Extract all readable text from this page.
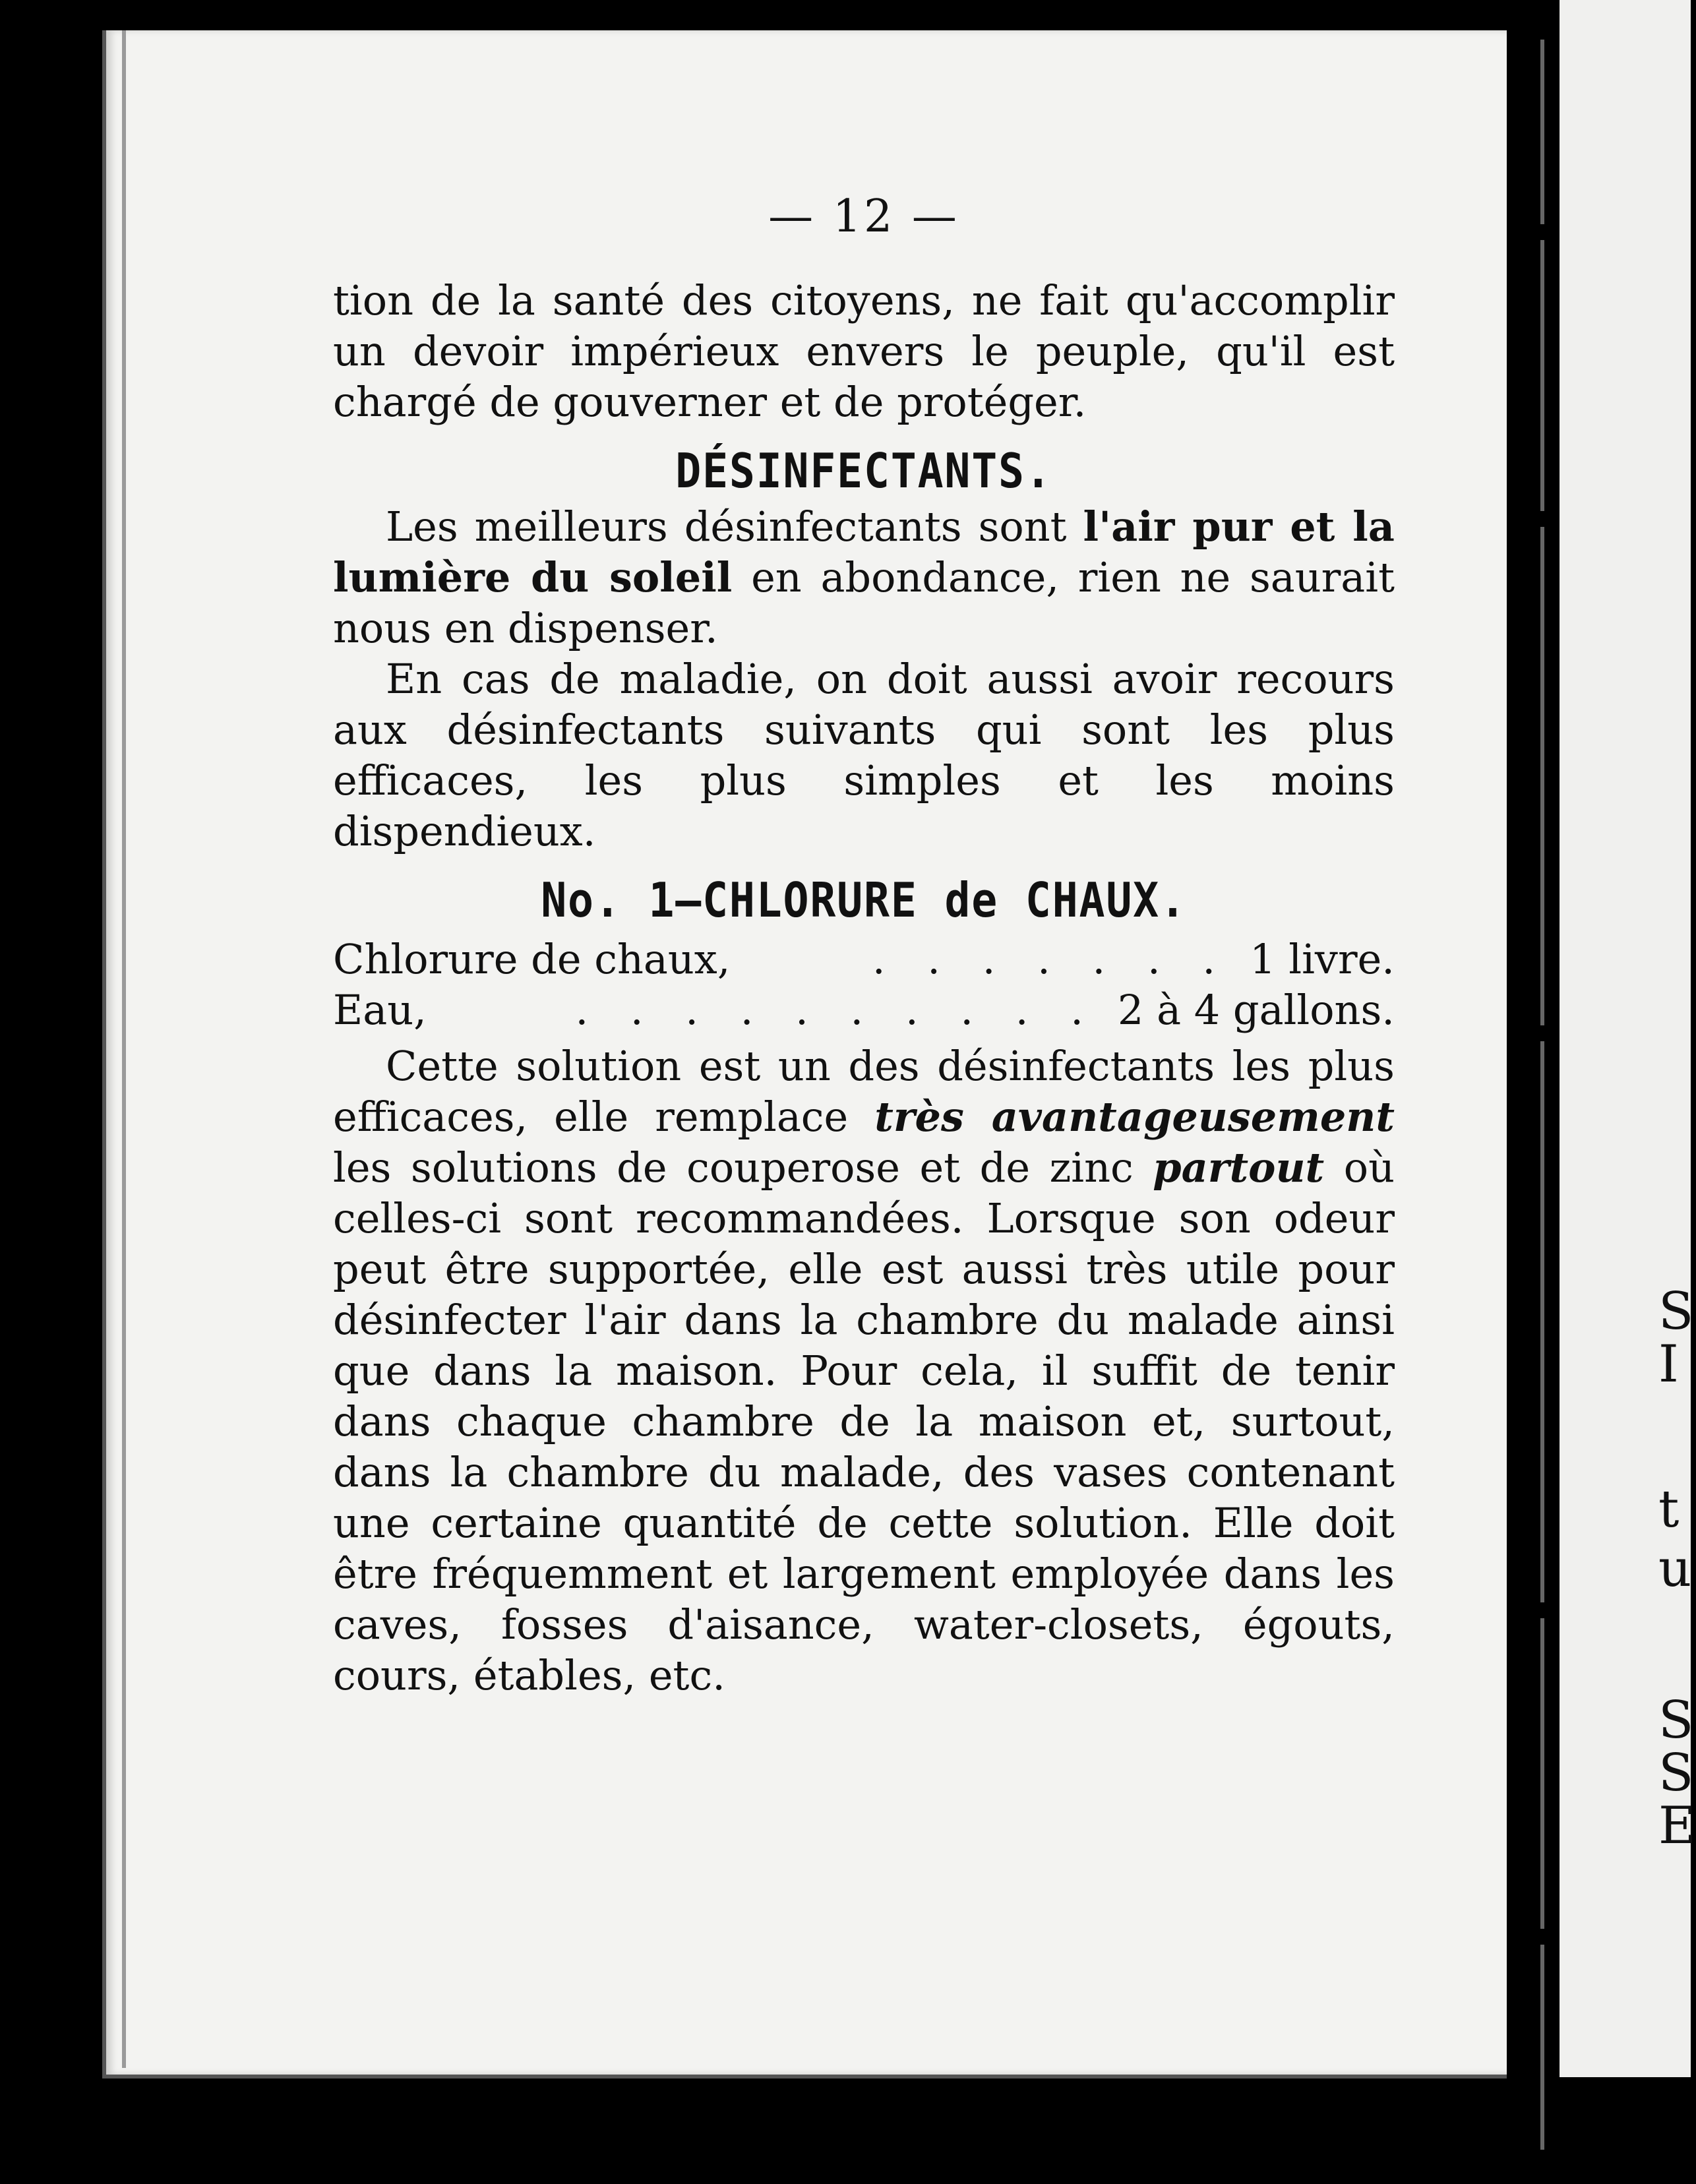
S
I
t
u
S
S
E
— 12 —

tion de la santé des citoyens, ne fait qu'accomplir un devoir impérieux envers le peuple, qu'il est chargé de gouverner et de protéger.

DÉSINFECTANTS.

Les meilleurs désinfectants sont l'air pur et la lumière du soleil en abondance, rien ne saurait nous en dispenser.

En cas de maladie, on doit aussi avoir recours aux désinfectants suivants qui sont les plus efficaces, les plus simples et les moins dispendieux.

No. 1—CHLORURE de CHAUX.
Chlorure de chaux,	. . . . . . . 1 livre.
Eau,	. . . . . . . . . . 2 à 4 gallons.

Cette solution est un des désinfectants les plus efficaces, elle remplace très avantageusement les solutions de couperose et de zinc partout où celles-ci sont recommandées. Lorsque son odeur peut être supportée, elle est aussi très utile pour désinfecter l'air dans la chambre du malade ainsi que dans la maison. Pour cela, il suffit de tenir dans chaque chambre de la maison et, surtout, dans la chambre du malade, des vases contenant une certaine quantité de cette solution. Elle doit être fréquemment et largement employée dans les caves, fosses d'aisance, water-closets, égouts, cours, étables, etc.
